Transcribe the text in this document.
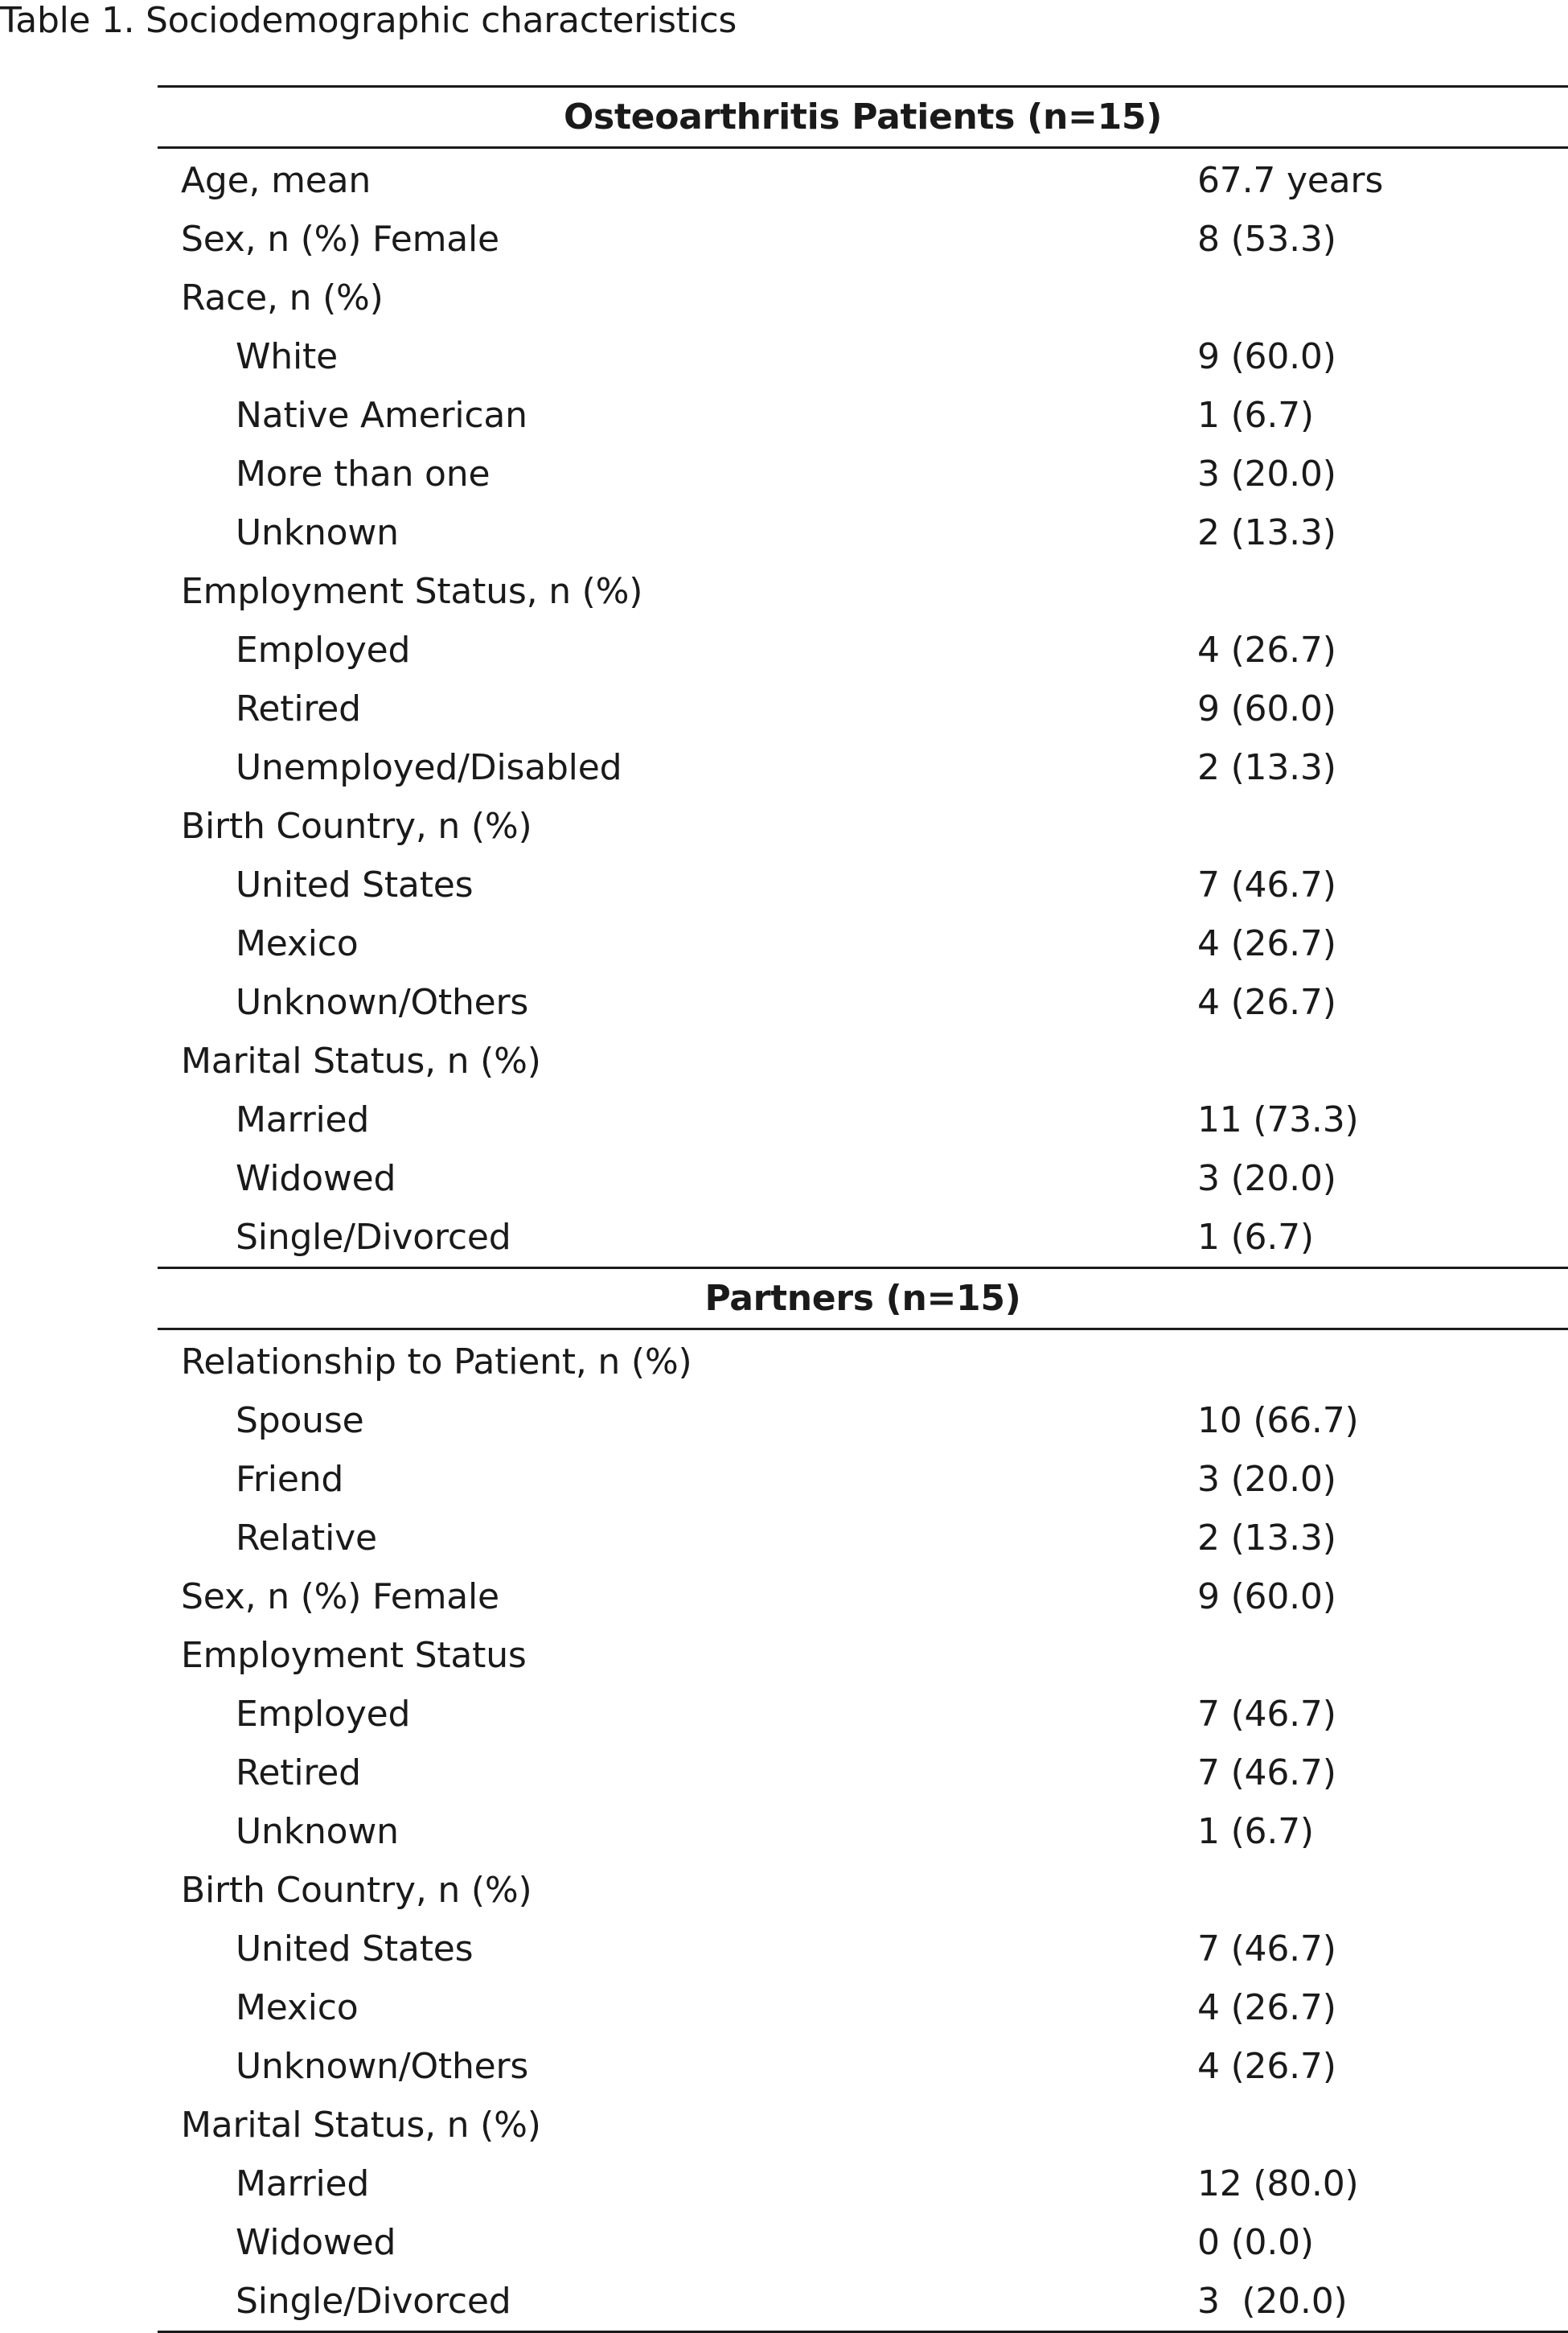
Table 1. Sociodemographic characteristics
Osteoarthritis Patients (n=15)
Age, mean	67.7 years
Sex, n (%) Female	8 (53.3)
Race, n (%)
White	9 (60.0)
Native American	1 (6.7)
More than one	3 (20.0)
Unknown	2 (13.3)
Employment Status, n (%)
Employed	4 (26.7)
Retired	9 (60.0)
Unemployed/Disabled	2 (13.3)
Birth Country, n (%)
United States	7 (46.7)
Mexico	4 (26.7)
Unknown/Others	4 (26.7)
Marital Status, n (%)
Married	11 (73.3)
Widowed	3 (20.0)
Single/Divorced	1 (6.7)
Partners (n=15)
Relationship to Patient, n (%)
Spouse	10 (66.7)
Friend	3 (20.0)
Relative	2 (13.3)
Sex, n (%) Female	9 (60.0)
Employment Status
Employed	7 (46.7)
Retired	7 (46.7)
Unknown	1 (6.7)
Birth Country, n (%)
United States	7 (46.7)
Mexico	4 (26.7)
Unknown/Others	4 (26.7)
Marital Status, n (%)
Married	12 (80.0)
Widowed	0 (0.0)
Single/Divorced	3  (20.0)
